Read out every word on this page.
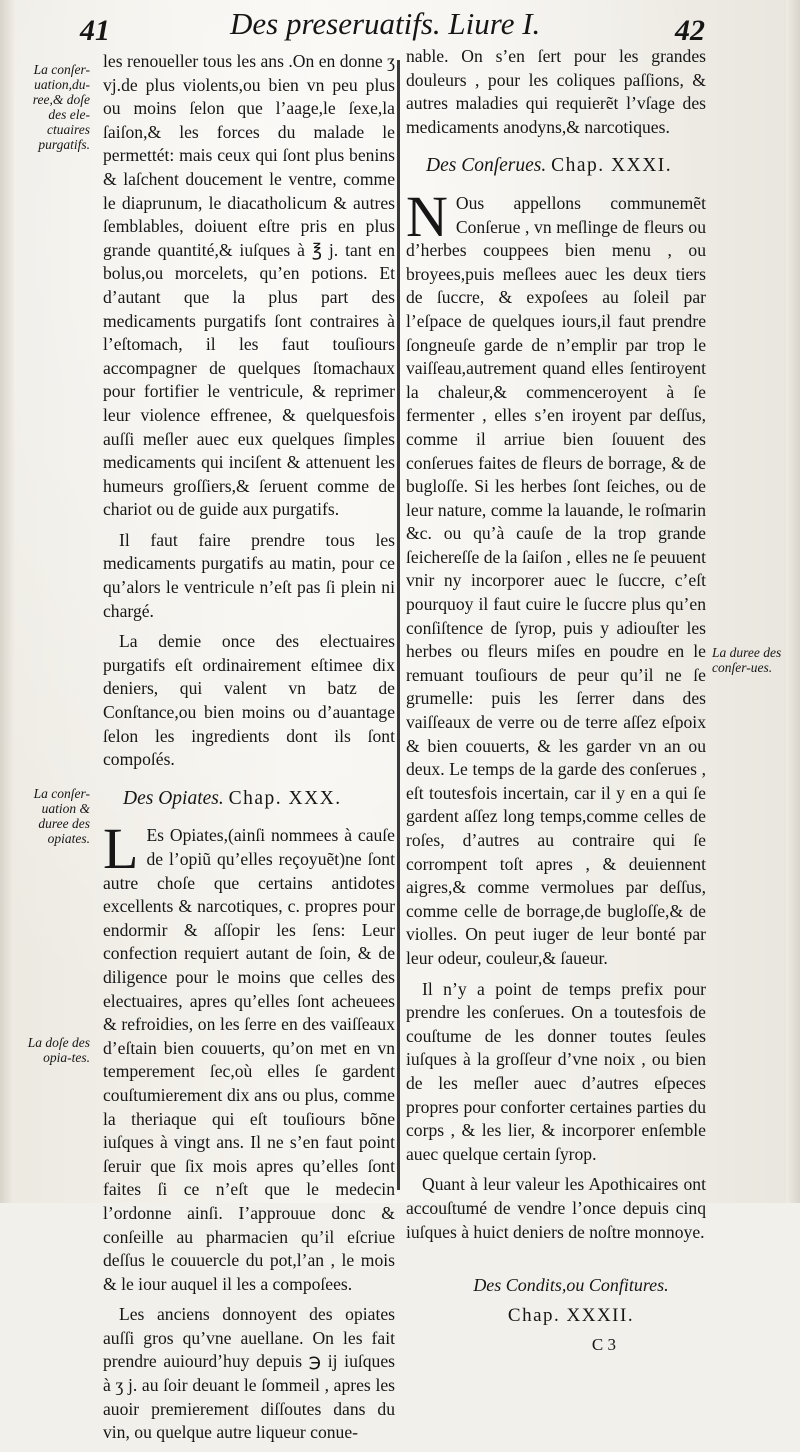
41	Des preseruatifs. Liure I.	42
La conſer-uation,du-ree,& doſe des ele-ctuaires purgatifs.
La conſer-uation & duree des opiates.
La doſe des opia-tes.
La duree des conſer-ues.

les renoueller tous les ans .On en donne ʒ vj.de plus violents,ou bien vn peu plus ou moins ſelon que l’aage,le ſexe,la ſaiſon,& les forces du malade le permettét: mais ceux qui ſont plus benins & laſchent doucement le ventre, comme le diaprunum, le diacatholicum & autres ſemblables, doiuent eſtre pris en plus grande quantité,& iuſques à ℥ j. tant en bolus,ou morcelets, qu’en potions. Et d’autant que la plus part des medicaments purgatifs ſont contraires à l’eſtomach, il les faut touſiours accompagner de quelques ſtomachaux pour fortifier le ventricule, & reprimer leur violence effrenee, & quelquesfois auſſi meſler auec eux quelques ſimples medicaments qui inciſent & attenuent les humeurs groſſiers,& ſeruent comme de chariot ou de guide aux purgatifs.

Il faut faire prendre tous les medicaments purgatifs au matin, pour ce qu’alors le ventricule n’eſt pas ſi plein ni chargé.

La demie once des electuaires purgatifs eſt ordinairement eſtimee dix deniers, qui valent vn batz de Conſtance,ou bien moins ou d’auantage ſelon les ingredients dont ils ſont compoſés.

Des Opiates. Chap. XXX.

L Es Opiates,(ainſi nommees à cauſe de l’opiũ qu’elles reçoyuẽt)ne ſont autre choſe que certains antidotes excellents & narcotiques, c. propres pour endormir & aſſopir les ſens: Leur confection requiert autant de ſoin, & de diligence pour le moins que celles des electuaires, apres qu’elles ſont acheuees & refroidies, on les ſerre en des vaiſſeaux d’eſtain bien couuerts, qu’on met en vn temperement ſec,où elles ſe gardent couſtumierement dix ans ou plus, comme la theriaque qui eſt touſiours bõne iuſques à vingt ans. Il ne s’en faut point ſeruir que ſix mois apres qu’elles ſont faites ſi ce n’eſt que le medecin l’ordonne ainſi. I’approuue donc & conſeille au pharmacien qu’il eſcriue deſſus le couuercle du pot,l’an , le mois & le iour auquel il les a compoſees.

Les anciens donnoyent des opiates auſſi gros qu’vne auellane. On les fait prendre auiourd’huy depuis ℈ ij iuſques à ʒ j. au ſoir deuant le ſommeil , apres les auoir premierement diſſoutes dans du vin, ou quelque autre liqueur conue-

nable. On s’en ſert pour les grandes douleurs , pour les coliques paſſions, & autres maladies qui requierẽt l’vſage des medicaments anodyns,& narcotiques.

Des Conſerues. Chap. XXXI.

N Ous appellons communemẽt Conſerue , vn meſlinge de fleurs ou d’herbes couppees bien menu , ou broyees,puis meſlees auec les deux tiers de ſuccre, & expoſees au ſoleil par l’eſpace de quelques iours,il faut prendre ſongneuſe garde de n’emplir par trop le vaiſſeau,autrement quand elles ſentiroyent la chaleur,& commenceroyent à ſe fermenter , elles s’en iroyent par deſſus, comme il arriue bien ſouuent des conſerues faites de fleurs de borrage, & de bugloſſe. Si les herbes ſont ſeiches, ou de leur nature, comme la lauande, le roſmarin &c. ou qu’à cauſe de la trop grande ſeichereſſe de la ſaiſon , elles ne ſe peuuent vnir ny incorporer auec le ſuccre, c’eſt pourquoy il faut cuire le ſuccre plus qu’en conſiſtence de ſyrop, puis y adiouſter les herbes ou fleurs miſes en poudre en le remuant touſiours de peur qu’il ne ſe grumelle: puis les ſerrer dans des vaiſſeaux de verre ou de terre aſſez eſpoix & bien couuerts, & les garder vn an ou deux. Le temps de la garde des conſerues , eſt toutesfois incertain, car il y en a qui ſe gardent aſſez long temps,comme celles de roſes, d’autres au contraire qui ſe corrompent toſt apres , & deuiennent aigres,& comme vermolues par deſſus, comme celle de borrage,de bugloſſe,& de violles. On peut iuger de leur bonté par leur odeur, couleur,& ſaueur.

Il n’y a point de temps prefix pour prendre les conſerues. On a toutesfois de couſtume de les donner toutes ſeules iuſques à la groſſeur d’vne noix , ou bien de les meſler auec d’autres eſpeces propres pour conforter certaines parties du corps , & les lier, & incorporer enſemble auec quelque certain ſyrop.

Quant à leur valeur les Apothicaires ont accouſtumé de vendre l’once depuis cinq iuſques à huict deniers de noſtre monnoye.

Des Condits,ou Confitures.

Chap. XXXII.

C 3
